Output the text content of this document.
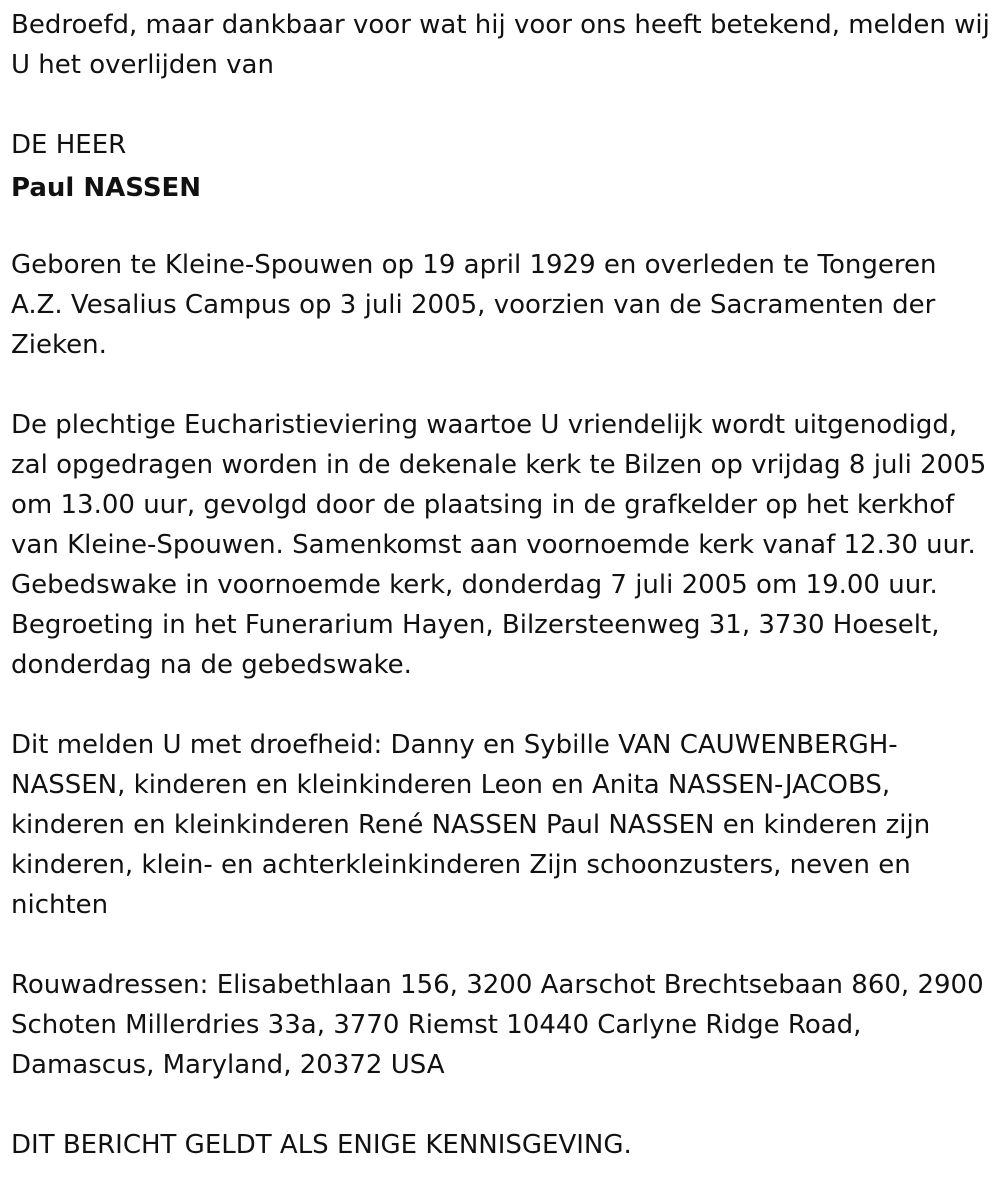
Bedroefd, maar dankbaar voor wat hij voor ons heeft betekend, melden wij U het overlijden van

DE HEER

Paul NASSEN

Geboren te Kleine-Spouwen op 19 april 1929 en overleden te Tongeren A.Z. Vesalius Campus op 3 juli 2005, voorzien van de Sacramenten der Zieken.

De plechtige Eucharistieviering waartoe U vriendelijk wordt uitgenodigd, zal opgedragen worden in de dekenale kerk te Bilzen op vrijdag 8 juli 2005 om 13.00 uur, gevolgd door de plaatsing in de grafkelder op het kerkhof van Kleine-Spouwen. Samenkomst aan voornoemde kerk vanaf 12.30 uur. Gebedswake in voornoemde kerk, donderdag 7 juli 2005 om 19.00 uur. Begroeting in het Funerarium Hayen, Bilzersteenweg 31, 3730 Hoeselt, donderdag na de gebedswake.

Dit melden U met droefheid: Danny en Sybille VAN CAUWENBERGH-NASSEN, kinderen en kleinkinderen Leon en Anita NASSEN-JACOBS, kinderen en kleinkinderen René NASSEN Paul NASSEN en kinderen zijn kinderen, klein- en achterkleinkinderen Zijn schoonzusters, neven en nichten

Rouwadressen: Elisabethlaan 156, 3200 Aarschot Brechtsebaan 860, 2900 Schoten Millerdries 33a, 3770 Riemst 10440 Carlyne Ridge Road, Damascus, Maryland, 20372 USA

DIT BERICHT GELDT ALS ENIGE KENNISGEVING.
